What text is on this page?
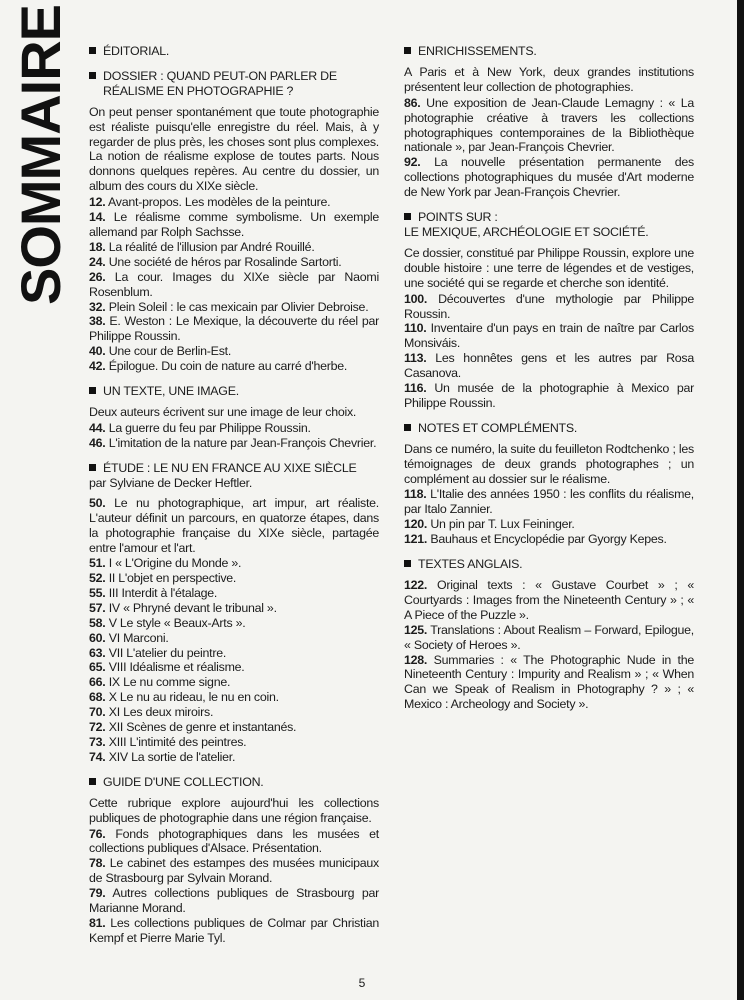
SOMMAIRE	ÉDITORIAL.
DOSSIER : QUAND PEUT-ON PARLER DE RÉALISME EN PHOTOGRAPHIE ?

On peut penser spontanément que toute photographie est réaliste puisqu'elle enregistre du réel. Mais, à y regarder de plus près, les choses sont plus complexes. La notion de réalisme explose de toutes parts. Nous donnons quelques repères. Au centre du dossier, un album des cours du XIXe siècle.

12. Avant-propos. Les modèles de la peinture.
14. Le réalisme comme symbolisme. Un exemple allemand par Rolph Sachsse.
18. La réalité de l'illusion par André Rouillé.
24. Une société de héros par Rosalinde Sartorti.
26. La cour. Images du XIXe siècle par Naomi Rosenblum.
32. Plein Soleil : le cas mexicain par Olivier Debroise.
38. E. Weston : Le Mexique, la découverte du réel par Philippe Roussin.
40. Une cour de Berlin-Est.
42. Épilogue. Du coin de nature au carré d'herbe.
UN TEXTE, UNE IMAGE.

Deux auteurs écrivent sur une image de leur choix.

44. La guerre du feu par Philippe Roussin.
46. L'imitation de la nature par Jean-François Chevrier.
ÉTUDE : LE NU EN FRANCE AU XIXE SIÈCLE

par Sylviane de Decker Heftler.

50. Le nu photographique, art impur, art réaliste. L'auteur définit un parcours, en quatorze étapes, dans la photographie française du XIXe siècle, partagée entre l'amour et l'art.
51. I « L'Origine du Monde ».
52. II L'objet en perspective.
55. III Interdit à l'étalage.
57. IV « Phryné devant le tribunal ».
58. V Le style « Beaux-Arts ».
60. VI Marconi.
63. VII L'atelier du peintre.
65. VIII Idéalisme et réalisme.
66. IX Le nu comme signe.
68. X Le nu au rideau, le nu en coin.
70. XI Les deux miroirs.
72. XII Scènes de genre et instantanés.
73. XIII L'intimité des peintres.
74. XIV La sortie de l'atelier.
GUIDE D'UNE COLLECTION.

Cette rubrique explore aujourd'hui les collections publiques de photographie dans une région française.

76. Fonds photographiques dans les musées et collections publiques d'Alsace. Présentation.
78. Le cabinet des estampes des musées municipaux de Strasbourg par Sylvain Morand.
79. Autres collections publiques de Strasbourg par Marianne Morand.
81. Les collections publiques de Colmar par Christian Kempf et Pierre Marie Tyl.
ENRICHISSEMENTS.

A Paris et à New York, deux grandes institutions présentent leur collection de photographies.

86. Une exposition de Jean-Claude Lemagny : « La photographie créative à travers les collections photographiques contemporaines de la Bibliothèque nationale », par Jean-François Chevrier.
92. La nouvelle présentation permanente des collections photographiques du musée d'Art moderne de New York par Jean-François Chevrier.
POINTS SUR :
LE MEXIQUE, ARCHÉOLOGIE ET SOCIÉTÉ.

Ce dossier, constitué par Philippe Roussin, explore une double histoire : une terre de légendes et de vestiges, une société qui se regarde et cherche son identité.

100. Découvertes d'une mythologie par Philippe Roussin.
110. Inventaire d'un pays en train de naître par Carlos Monsiváis.
113. Les honnêtes gens et les autres par Rosa Casanova.
116. Un musée de la photographie à Mexico par Philippe Roussin.
NOTES ET COMPLÉMENTS.

Dans ce numéro, la suite du feuilleton Rodtchenko ; les témoignages de deux grands photographes ; un complément au dossier sur le réalisme.

118. L'Italie des années 1950 : les conflits du réalisme, par Italo Zannier.
120. Un pin par T. Lux Feininger.
121. Bauhaus et Encyclopédie par Gyorgy Kepes.
TEXTES ANGLAIS.
122. Original texts : « Gustave Courbet » ; « Courtyards : Images from the Nineteenth Century » ; « A Piece of the Puzzle ».
125. Translations : About Realism – Forward, Epilogue, « Society of Heroes ».
128. Summaries : « The Photographic Nude in the Nineteenth Century : Impurity and Realism » ; « When Can we Speak of Realism in Photography ? » ; « Mexico : Archeology and Society ».
5
